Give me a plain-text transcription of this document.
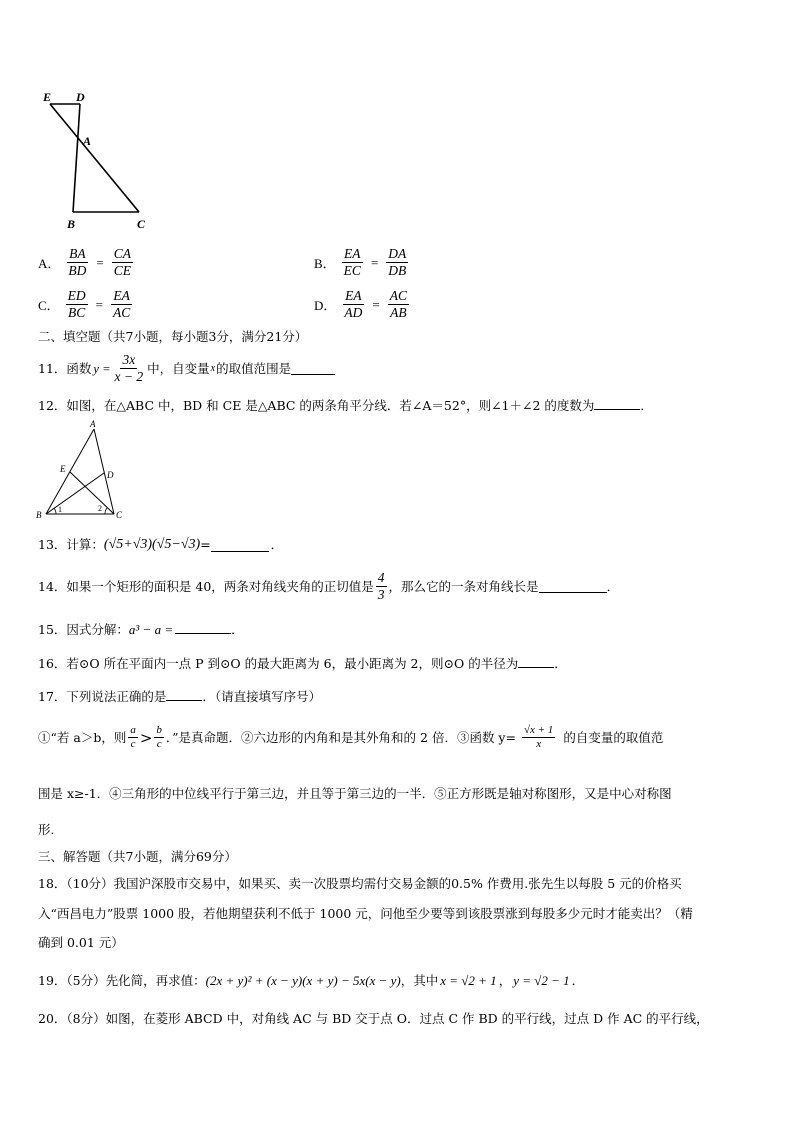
E D
A
B	C
A． $\frac{BA}{BD} = \frac{CA}{CE}$	B． $\frac{EA}{EC} = \frac{DA}{DB}$
C． $\frac{ED}{BC} = \frac{EA}{AC}$	D． $\frac{EA}{AD} = \frac{AC}{AB}$
二、填空题（共7小题，每小题3分，满分21分）
11．函数 $y = \frac{3x}{x - 2}$ 中，自变量 x 的取值范围是
12．如图，在△ABC 中，BD 和 CE 是△ABC 的两条角平分线．若∠A＝52°，则∠1＋∠2 的度数为	．
A
E
D
B	C
1	2
13．计算： (√5+√3) (√5−√3) =	．
14．如果一个矩形的面积是 40，两条对角线夹角的正切值是 $\frac{4}{3}$ ，那么它的一条对角线长是	．
15．因式分解：a³ − a =	．
16．若⊙O 所在平面内一点 P 到⊙O 的最大距离为 6，最小距离为 2，则⊙O 的半径为	．
17．下列说法正确的是	．（请直接填写序号）
①“若 a＞b，则 $\frac{a}{c} > \frac{b}{c}$ ．”是真命题．②六边形的内角和是其外角和的 2 倍．③函数 $y= \frac{√x + 1}{x}$ 的自变量的取值范
围是 x≥-1．④三角形的中位线平行于第三边，并且等于第三边的一半．⑤正方形既是轴对称图形，又是中心对称图
形．
三、解答题（共7小题，满分69分）
18．（10分）我国沪深股市交易中，如果买、卖一次股票均需付交易金额的0.5% 作费用.张先生以每股 5 元的价格买
入“西昌电力”股票 1000 股，若他期望获利不低于 1000 元，问他至少要等到该股票涨到每股多少元时才能卖出？（精
确到 0.01 元）
19．（5分）先化简，再求值：(2x + y)² + (x − y)(x + y) − 5x(x − y)，其中 x = √2 + 1 ， y = √2 − 1 ．
20．（8分）如图，在菱形 ABCD 中，对角线 AC 与 BD 交于点 O．过点 C 作 BD 的平行线，过点 D 作 AC 的平行线，
